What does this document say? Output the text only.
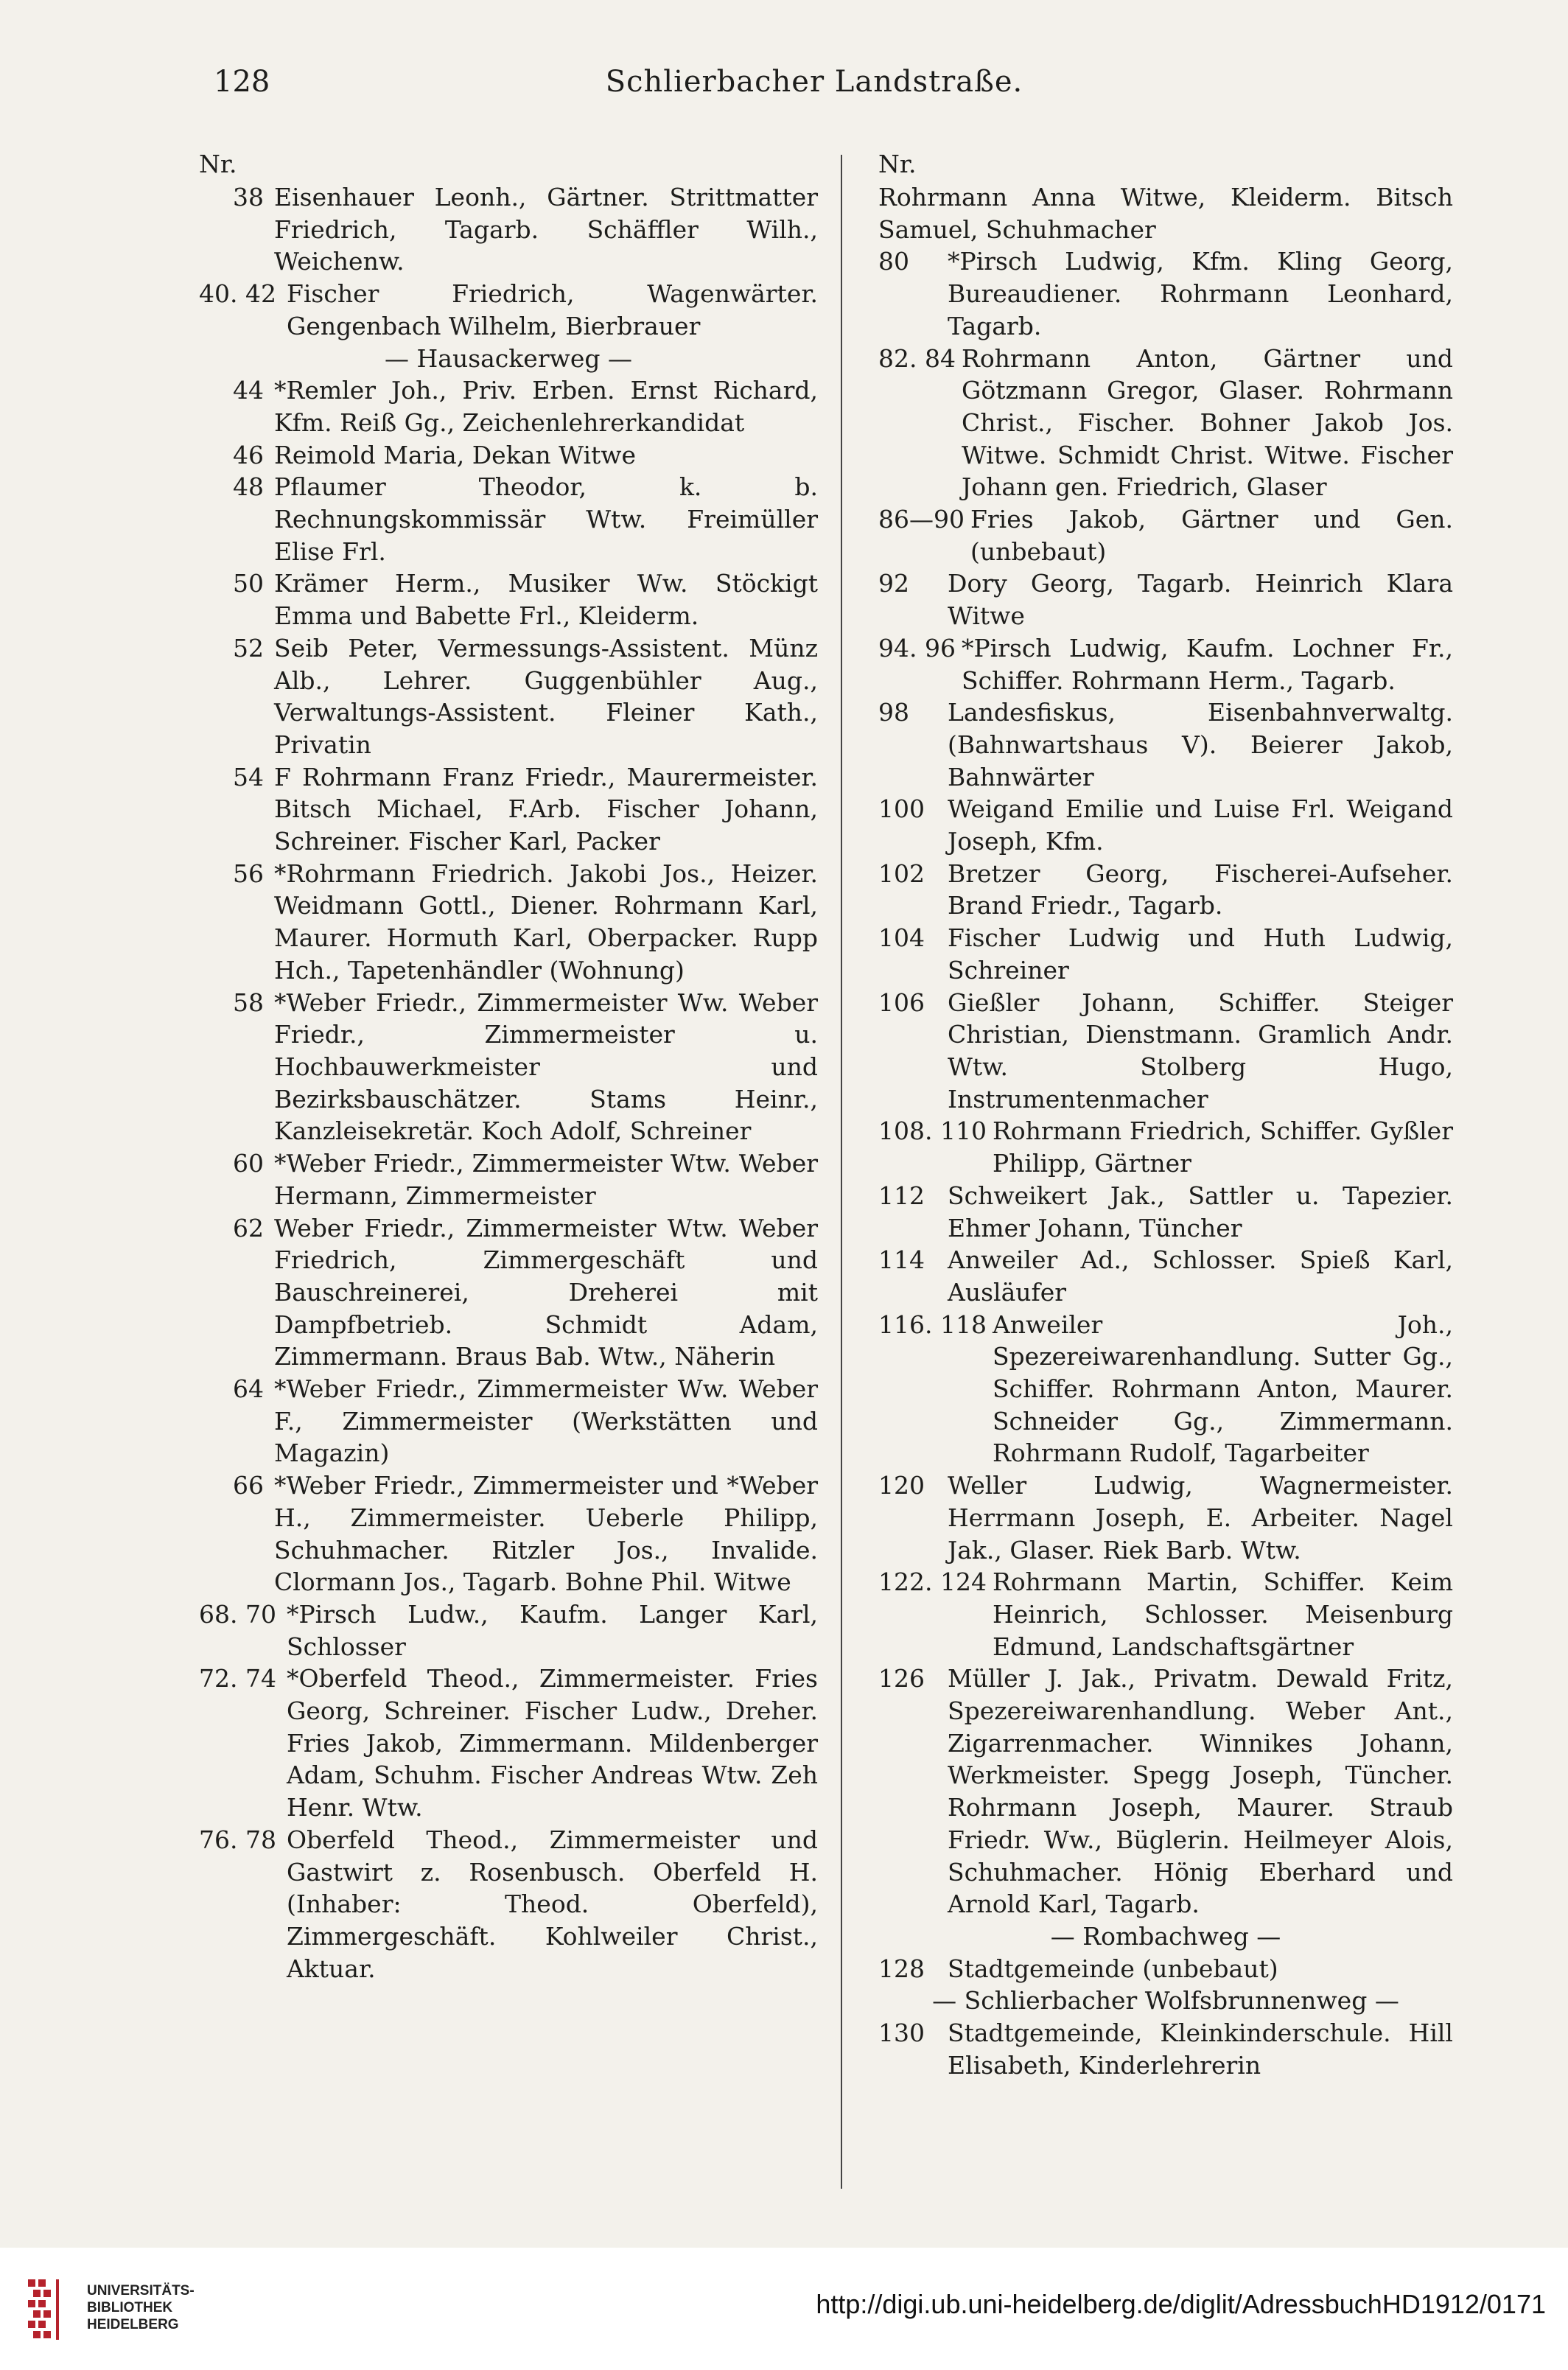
128	Schlierbacher Landstraße.
Nr.
38 Eisenhauer Leonh., Gärtner. Strittmatter Friedrich, Tagarb. Schäffler Wilh., Weichenw.
40. 42 Fischer Friedrich, Wagenwärter. Gengenbach Wilhelm, Bierbrauer
— Hausackerweg —
44 *Remler Joh., Priv. Erben. Ernst Richard, Kfm. Reiß Gg., Zeichenlehrerkandidat
46 Reimold Maria, Dekan Witwe
48 Pflaumer Theodor, k. b. Rechnungskommissär Wtw. Freimüller Elise Frl.
50 Krämer Herm., Musiker Ww. Stöckigt Emma und Babette Frl., Kleiderm.
52 Seib Peter, Vermessungs-Assistent. Münz Alb., Lehrer. Guggenbühler Aug., Verwaltungs-Assistent. Fleiner Kath., Privatin
54 F Rohrmann Franz Friedr., Maurermeister. Bitsch Michael, F.Arb. Fischer Johann, Schreiner. Fischer Karl, Packer
56 *Rohrmann Friedrich. Jakobi Jos., Heizer. Weidmann Gottl., Diener. Rohrmann Karl, Maurer. Hormuth Karl, Oberpacker. Rupp Hch., Tapetenhändler (Wohnung)
58 *Weber Friedr., Zimmermeister Ww. Weber Friedr., Zimmermeister u. Hochbauwerkmeister und Bezirksbauschätzer. Stams Heinr., Kanzleisekretär. Koch Adolf, Schreiner
60 *Weber Friedr., Zimmermeister Wtw. Weber Hermann, Zimmermeister
62 Weber Friedr., Zimmermeister Wtw. Weber Friedrich, Zimmergeschäft und Bauschreinerei, Dreherei mit Dampfbetrieb. Schmidt Adam, Zimmermann. Braus Bab. Wtw., Näherin
64 *Weber Friedr., Zimmermeister Ww. Weber F., Zimmermeister (Werkstätten und Magazin)
66 *Weber Friedr., Zimmermeister und *Weber H., Zimmermeister. Ueberle Philipp, Schuhmacher. Ritzler Jos., Invalide. Clormann Jos., Tagarb. Bohne Phil. Witwe
68. 70 *Pirsch Ludw., Kaufm. Langer Karl, Schlosser
72. 74 *Oberfeld Theod., Zimmermeister. Fries Georg, Schreiner. Fischer Ludw., Dreher. Fries Jakob, Zimmermann. Mildenberger Adam, Schuhm. Fischer Andreas Wtw. Zeh Henr. Wtw.
76. 78 Oberfeld Theod., Zimmermeister und Gastwirt z. Rosenbusch. Oberfeld H. (Inhaber: Theod. Oberfeld), Zimmergeschäft. Kohlweiler Christ., Aktuar.
Nr.
Rohrmann Anna Witwe, Kleiderm. Bitsch Samuel, Schuhmacher
80	*Pirsch Ludwig, Kfm. Kling Georg, Bureaudiener. Rohrmann Leonhard, Tagarb.
82. 84 Rohrmann Anton, Gärtner und Götzmann Gregor, Glaser. Rohrmann Christ., Fischer. Bohner Jakob Jos. Witwe. Schmidt Christ. Witwe. Fischer Johann gen. Friedrich, Glaser
86—90 Fries Jakob, Gärtner und Gen. (unbebaut)
92	Dory Georg, Tagarb. Heinrich Klara Witwe
94. 96 *Pirsch Ludwig, Kaufm. Lochner Fr., Schiffer. Rohrmann Herm., Tagarb.
98	Landesfiskus, Eisenbahnverwaltg. (Bahnwartshaus V). Beierer Jakob, Bahnwärter
100 Weigand Emilie und Luise Frl. Weigand Joseph, Kfm.
102 Bretzer Georg, Fischerei-Aufseher. Brand Friedr., Tagarb.
104 Fischer Ludwig und Huth Ludwig, Schreiner
106 Gießler Johann, Schiffer. Steiger Christian, Dienstmann. Gramlich Andr. Wtw. Stolberg Hugo, Instrumentenmacher
108. 110 Rohrmann Friedrich, Schiffer. Gyßler Philipp, Gärtner
112 Schweikert Jak., Sattler u. Tapezier. Ehmer Johann, Tüncher
114 Anweiler Ad., Schlosser. Spieß Karl, Ausläufer
116. 118 Anweiler Joh., Spezereiwarenhandlung. Sutter Gg., Schiffer. Rohrmann Anton, Maurer. Schneider Gg., Zimmermann. Rohrmann Rudolf, Tagarbeiter
120 Weller Ludwig, Wagnermeister. Herrmann Joseph, E. Arbeiter. Nagel Jak., Glaser. Riek Barb. Wtw.
122. 124 Rohrmann Martin, Schiffer. Keim Heinrich, Schlosser. Meisenburg Edmund, Landschaftsgärtner
126 Müller J. Jak., Privatm. Dewald Fritz, Spezereiwarenhandlung. Weber Ant., Zigarrenmacher. Winnikes Johann, Werkmeister. Spegg Joseph, Tüncher. Rohrmann Joseph, Maurer. Straub Friedr. Ww., Büglerin. Heilmeyer Alois, Schuhmacher. Hönig Eberhard und Arnold Karl, Tagarb.
— Rombachweg —
128 Stadtgemeinde (unbebaut)
— Schlierbacher Wolfsbrunnenweg —
130 Stadtgemeinde, Kleinkinderschule. Hill Elisabeth, Kinderlehrerin
UNIVERSITÄTS-
BIBLIOTHEK
HEIDELBERG
http://digi.ub.uni-heidelberg.de/diglit/AdressbuchHD1912/0171
